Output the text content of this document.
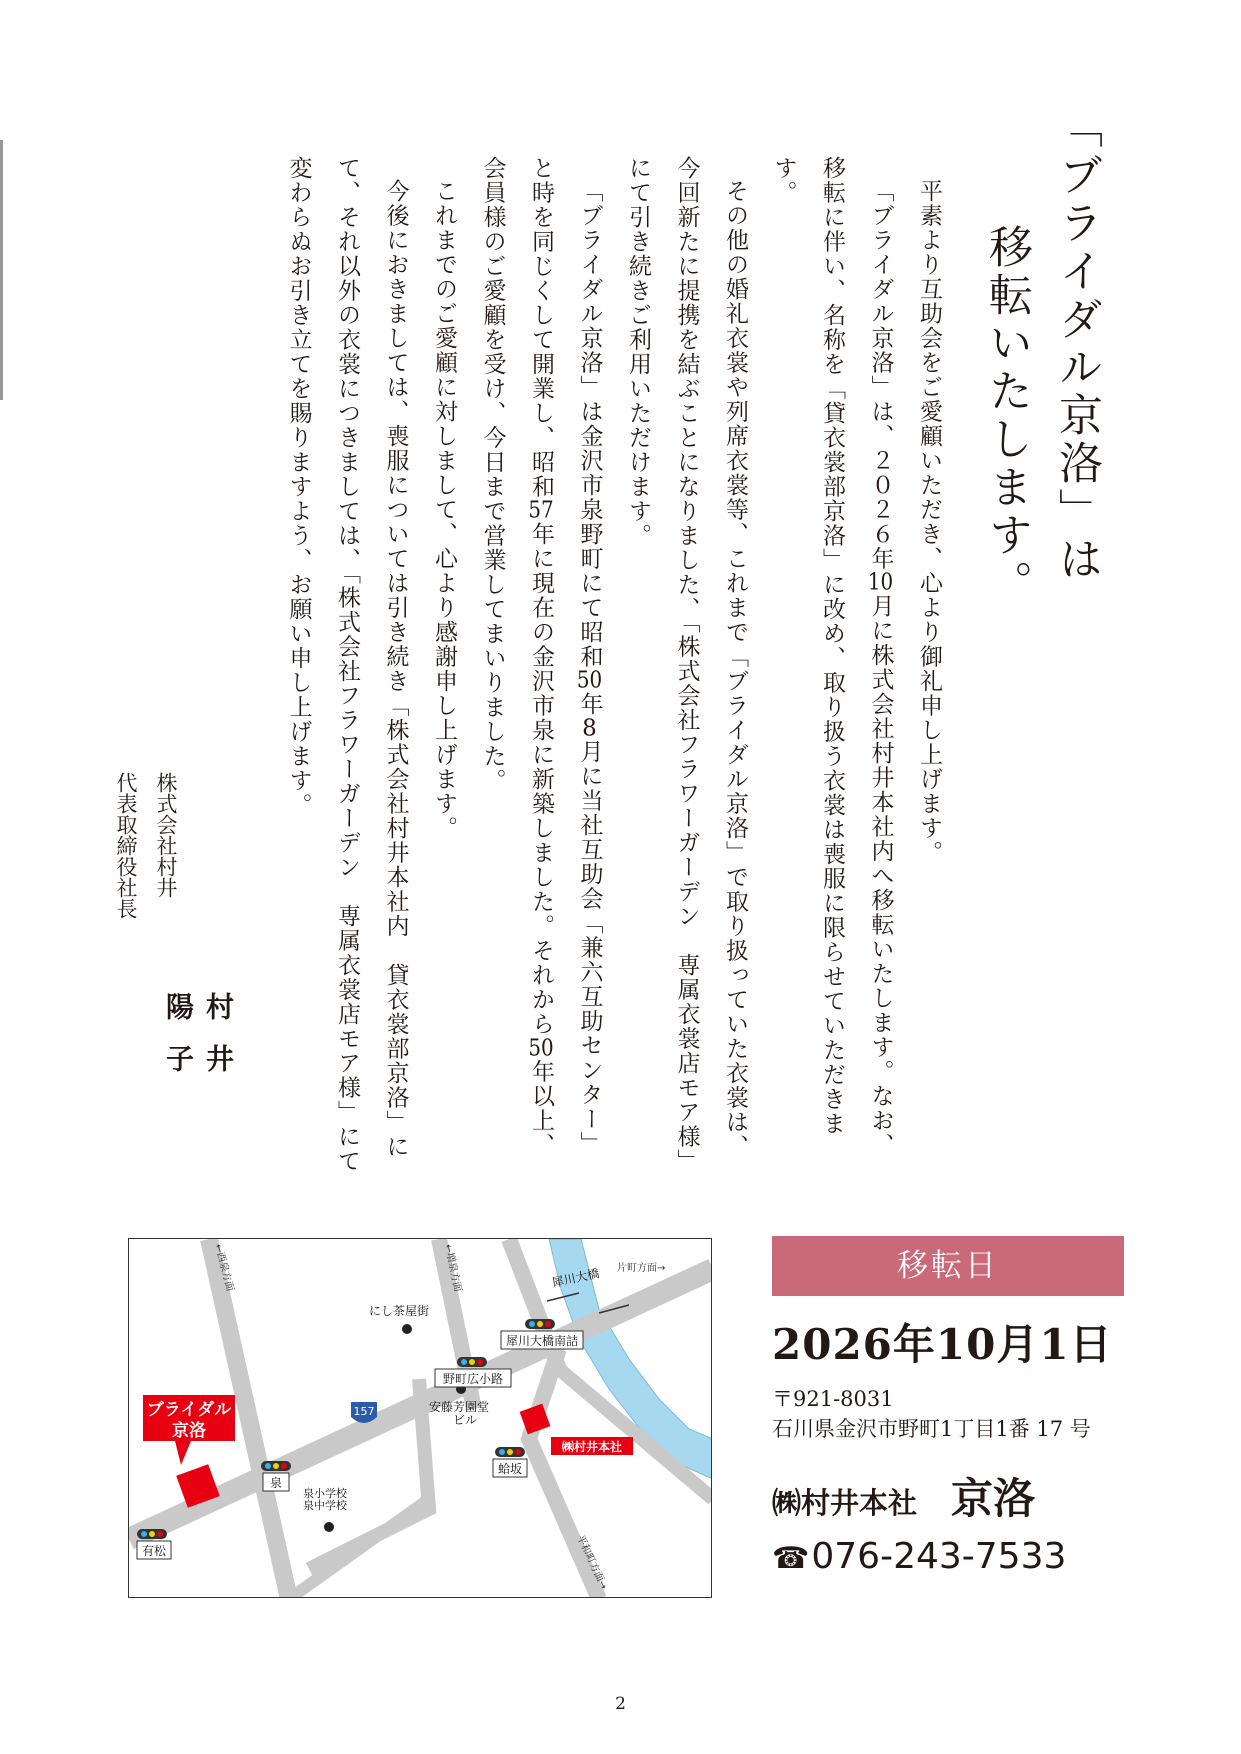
「ブライダル京洛」は
移転いたします。

平素より互助会をご愛顧いただき、心より御礼申し上げます。

「ブライダル京洛」は、２０２６年10月に株式会社村井本社内へ移転いたします。なお、移転に伴い、名称を「貸衣裳部京洛」に改め、取り扱う衣裳は喪服に限らせていただきます。

その他の婚礼衣裳や列席衣裳等、これまで「ブライダル京洛」で取り扱っていた衣裳は、今回新たに提携を結ぶことになりました、「株式会社フラワーガーデン　専属衣裳店モア様」にて引き続きご利用いただけます。

「ブライダル京洛」は金沢市泉野町にて昭和50年8月に当社互助会「兼六互助センター」と時を同じくして開業し、昭和57年に現在の金沢市泉に新築しました。それから50年以上、会員様のご愛顧を受け、今日まで営業してまいりました。

これまでのご愛顧に対しまして、心より感謝申し上げます。

今後におきましては、喪服については引き続き「株式会社村井本社内　貸衣裳部京洛」にて、それ以外の衣裳につきましては、「株式会社フラワーガーデン　専属衣裳店モア様」にて変わらぬお引き立てを賜りますよう、お願い申し上げます。

株式会社村井
代表取締役社長
村井　陽子
157
←西泉方面	←増泉方面	片町方面→
平和町方面→
犀川大橋
にし茶屋街
安藤芳園堂
ビル
泉小学校
泉中学校
犀川大橋南詰
野町広小路
泉
蛤坂
有松
ブライダル
京洛
㈱村井本社
移転日
2026年10月1日
〒921-8031
石川県金沢市野町1丁目1番 17 号
㈱村井本社 京洛
☎076-243-7533
2
